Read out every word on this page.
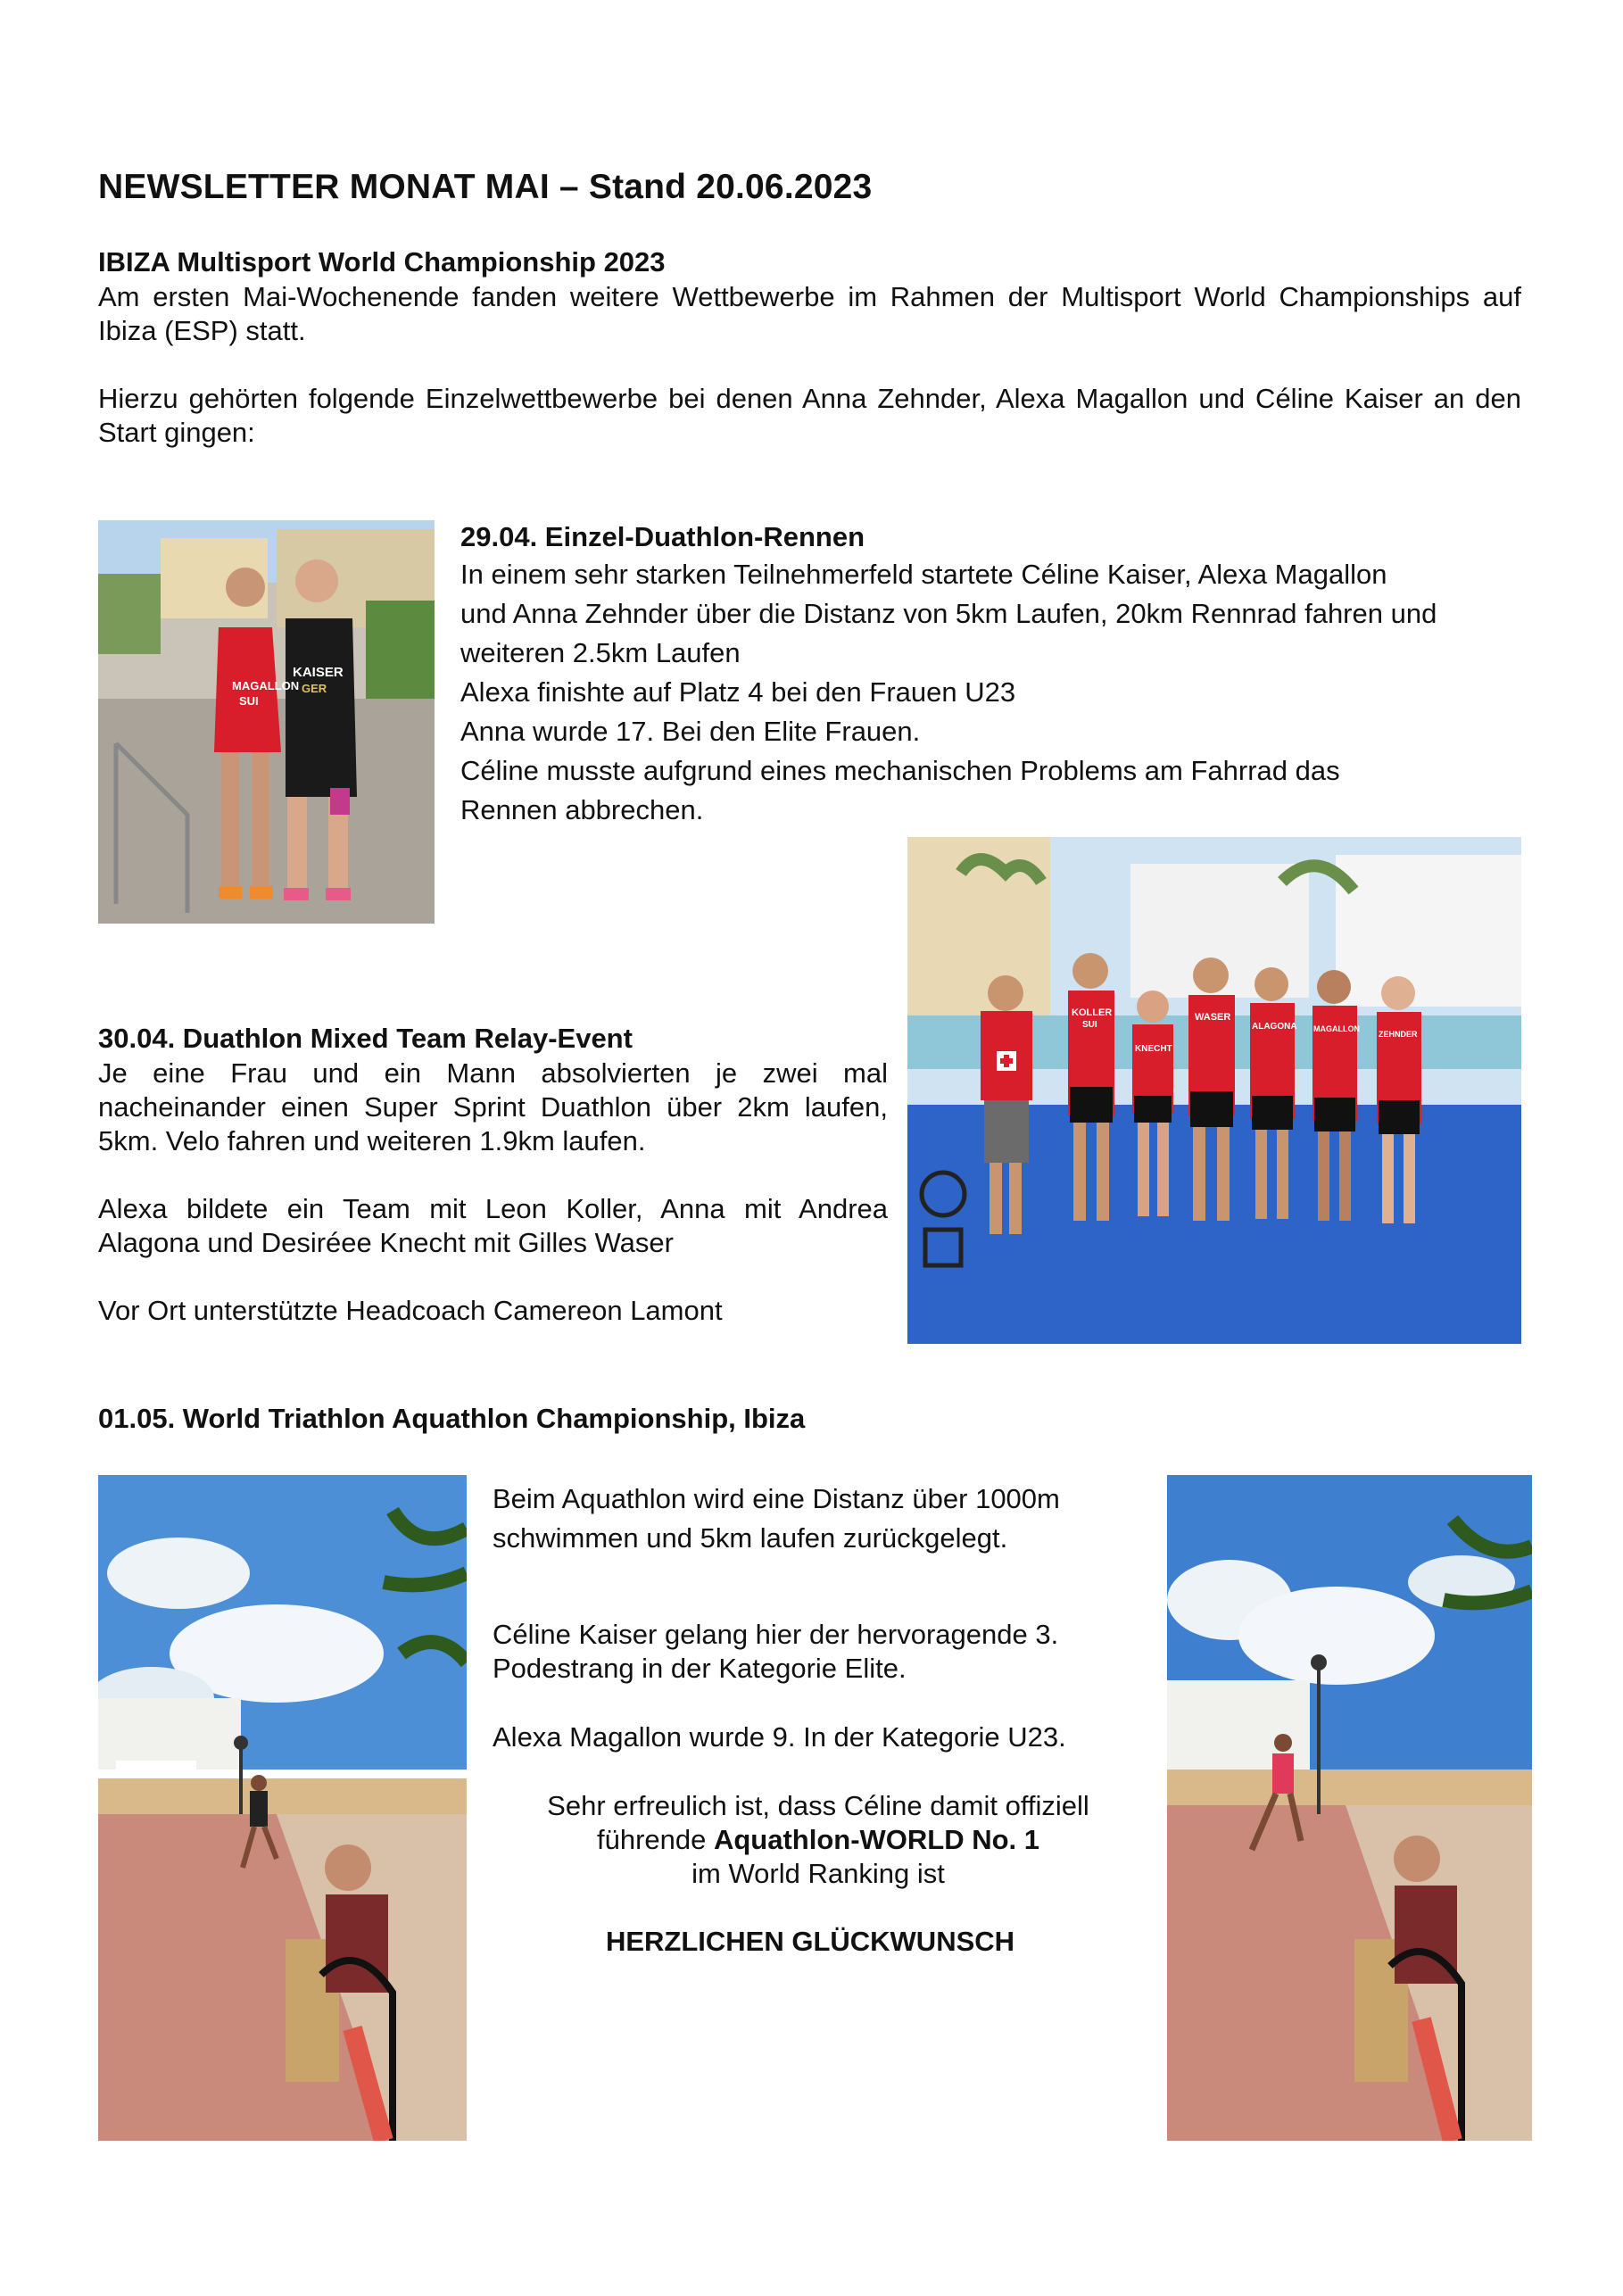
NEWSLETTER MONAT MAI – Stand 20.06.2023
IBIZA Multisport World Championship 2023
Am ersten Mai-Wochenende fanden weitere Wettbewerbe im Rahmen der Multisport World Championships auf Ibiza (ESP) statt.
Hierzu gehörten folgende Einzelwettbewerbe bei denen Anna Zehnder, Alexa Magallon und Céline Kaiser an den Start gingen:
MAGALLON
SUI
KAISER
GER
29.04. Einzel-Duathlon-Rennen
In einem sehr starken Teilnehmerfeld startete Céline Kaiser, Alexa Magallon
und Anna Zehnder über die Distanz von 5km Laufen, 20km Rennrad fahren und
weiteren 2.5km Laufen
Alexa finishte auf Platz 4 bei den Frauen U23
Anna wurde 17. Bei den Elite Frauen.
Céline musste aufgrund eines mechanischen Problems am Fahrrad das
Rennen abbrechen.
KOLLER
KNECHT
WASER
ALAGONA MAGALLON
ZEHNDER
SUI
30.04. Duathlon Mixed Team Relay-Event
Je eine Frau und ein Mann absolvierten je zwei mal nacheinander einen Super Sprint Duathlon über 2km laufen, 5km. Velo fahren und weiteren 1.9km laufen.
Alexa bildete ein Team mit Leon Koller, Anna mit Andrea Alagona und Desiréee Knecht mit Gilles Waser
Vor Ort unterstützte Headcoach Camereon Lamont
01.05. World Triathlon Aquathlon Championship, Ibiza
Beim Aquathlon wird eine Distanz über 1000m
schwimmen und 5km laufen zurückgelegt.
Céline Kaiser gelang hier der hervoragende 3.
Podestrang in der Kategorie Elite.
Alexa Magallon wurde 9. In der Kategorie U23.
Sehr erfreulich ist, dass Céline damit offiziell
führende Aquathlon-WORLD No. 1
im World Ranking ist
HERZLICHEN GLÜCKWUNSCH
